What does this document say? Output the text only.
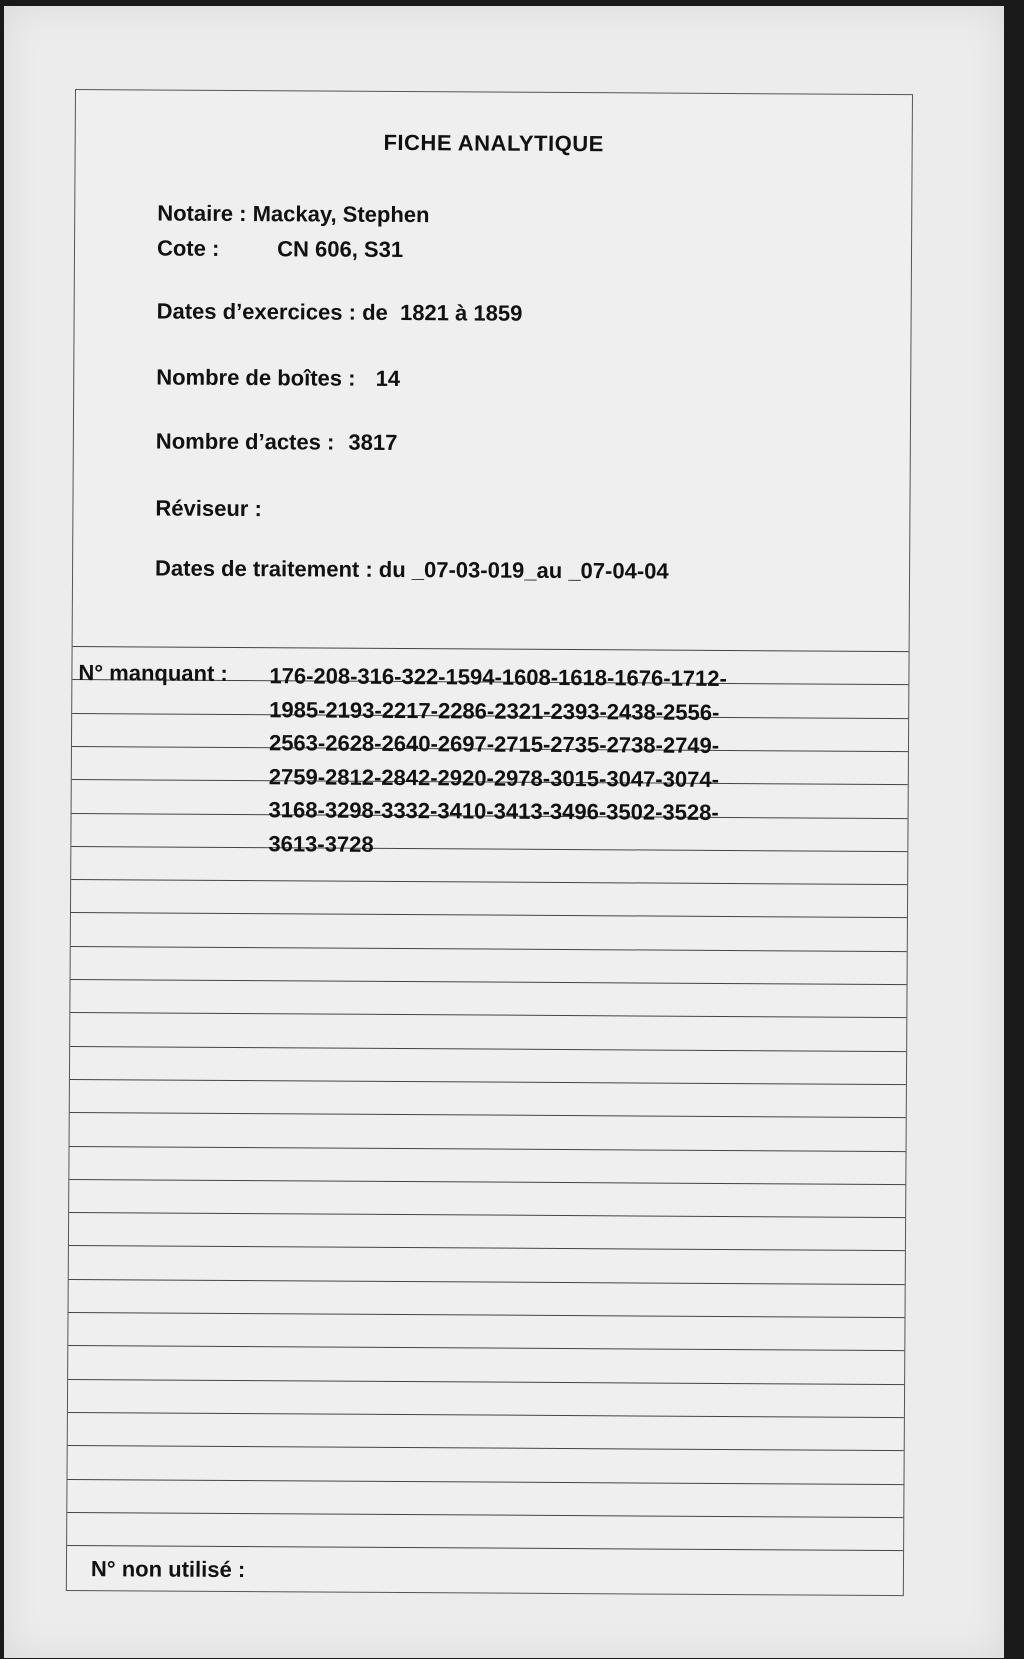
FICHE ANALYTIQUE
Notaire : Mackay, Stephen
Cote :	CN 606, S31
Dates d’exercices : de  1821 à 1859
Nombre de boîtes : 14
Nombre d’actes : 3817
Réviseur :
Dates de traitement : du _07-03-019_au _07-04-04
N° manquant : 176-208-316-322-1594-1608-1618-1676-1712-
1985-2193-2217-2286-2321-2393-2438-2556-
2563-2628-2640-2697-2715-2735-2738-2749-
2759-2812-2842-2920-2978-3015-3047-3074-
3168-3298-3332-3410-3413-3496-3502-3528-
3613-3728
N° non utilisé :
